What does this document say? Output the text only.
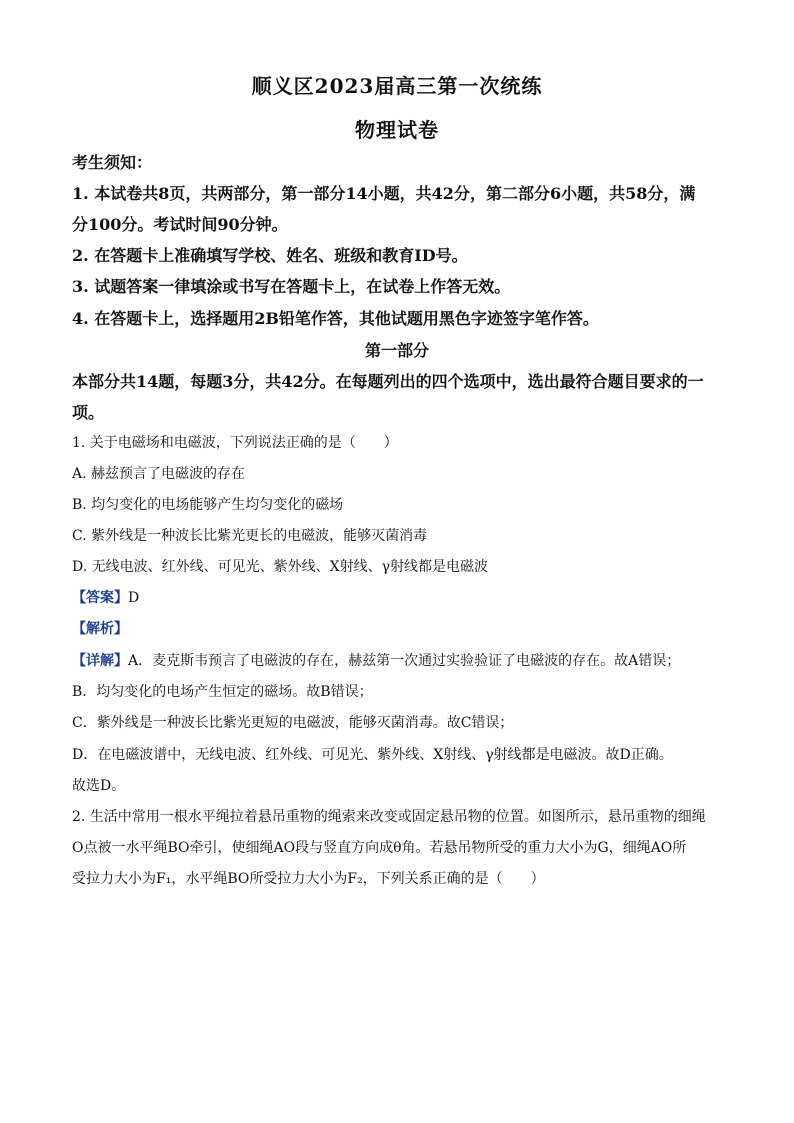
顺义区2023届高三第一次统练
物理试卷
考生须知：
1. 本试卷共8页，共两部分，第一部分14小题，共42分，第二部分6小题，共58分，满
分100分。考试时间90分钟。
2. 在答题卡上准确填写学校、姓名、班级和教育ID号。
3. 试题答案一律填涂或书写在答题卡上，在试卷上作答无效。
4. 在答题卡上，选择题用2B铅笔作答，其他试题用黑色字迹签字笔作答。
第一部分
本部分共14题，每题3分，共42分。在每题列出的四个选项中，选出最符合题目要求的一
项。
1. 关于电磁场和电磁波，下列说法正确的是（　　）
A. 赫兹预言了电磁波的存在
B. 均匀变化的电场能够产生均匀变化的磁场
C. 紫外线是一种波长比紫光更长的电磁波，能够灭菌消毒
D. 无线电波、红外线、可见光、紫外线、X射线、γ射线都是电磁波
【答案】D
【解析】
【详解】A．麦克斯韦预言了电磁波的存在，赫兹第一次通过实验验证了电磁波的存在。故A错误；
B．均匀变化的电场产生恒定的磁场。故B错误；
C．紫外线是一种波长比紫光更短的电磁波，能够灭菌消毒。故C错误；
D．在电磁波谱中，无线电波、红外线、可见光、紫外线、X射线、γ射线都是电磁波。故D正确。
故选D。
2. 生活中常用一根水平绳拉着悬吊重物的绳索来改变或固定悬吊物的位置。如图所示，悬吊重物的细绳
O点被一水平绳BO牵引，使细绳AO段与竖直方向成θ角。若悬吊物所受的重力大小为G，细绳AO所
受拉力大小为F₁，水平绳BO所受拉力大小为F₂，下列关系正确的是（　　）
